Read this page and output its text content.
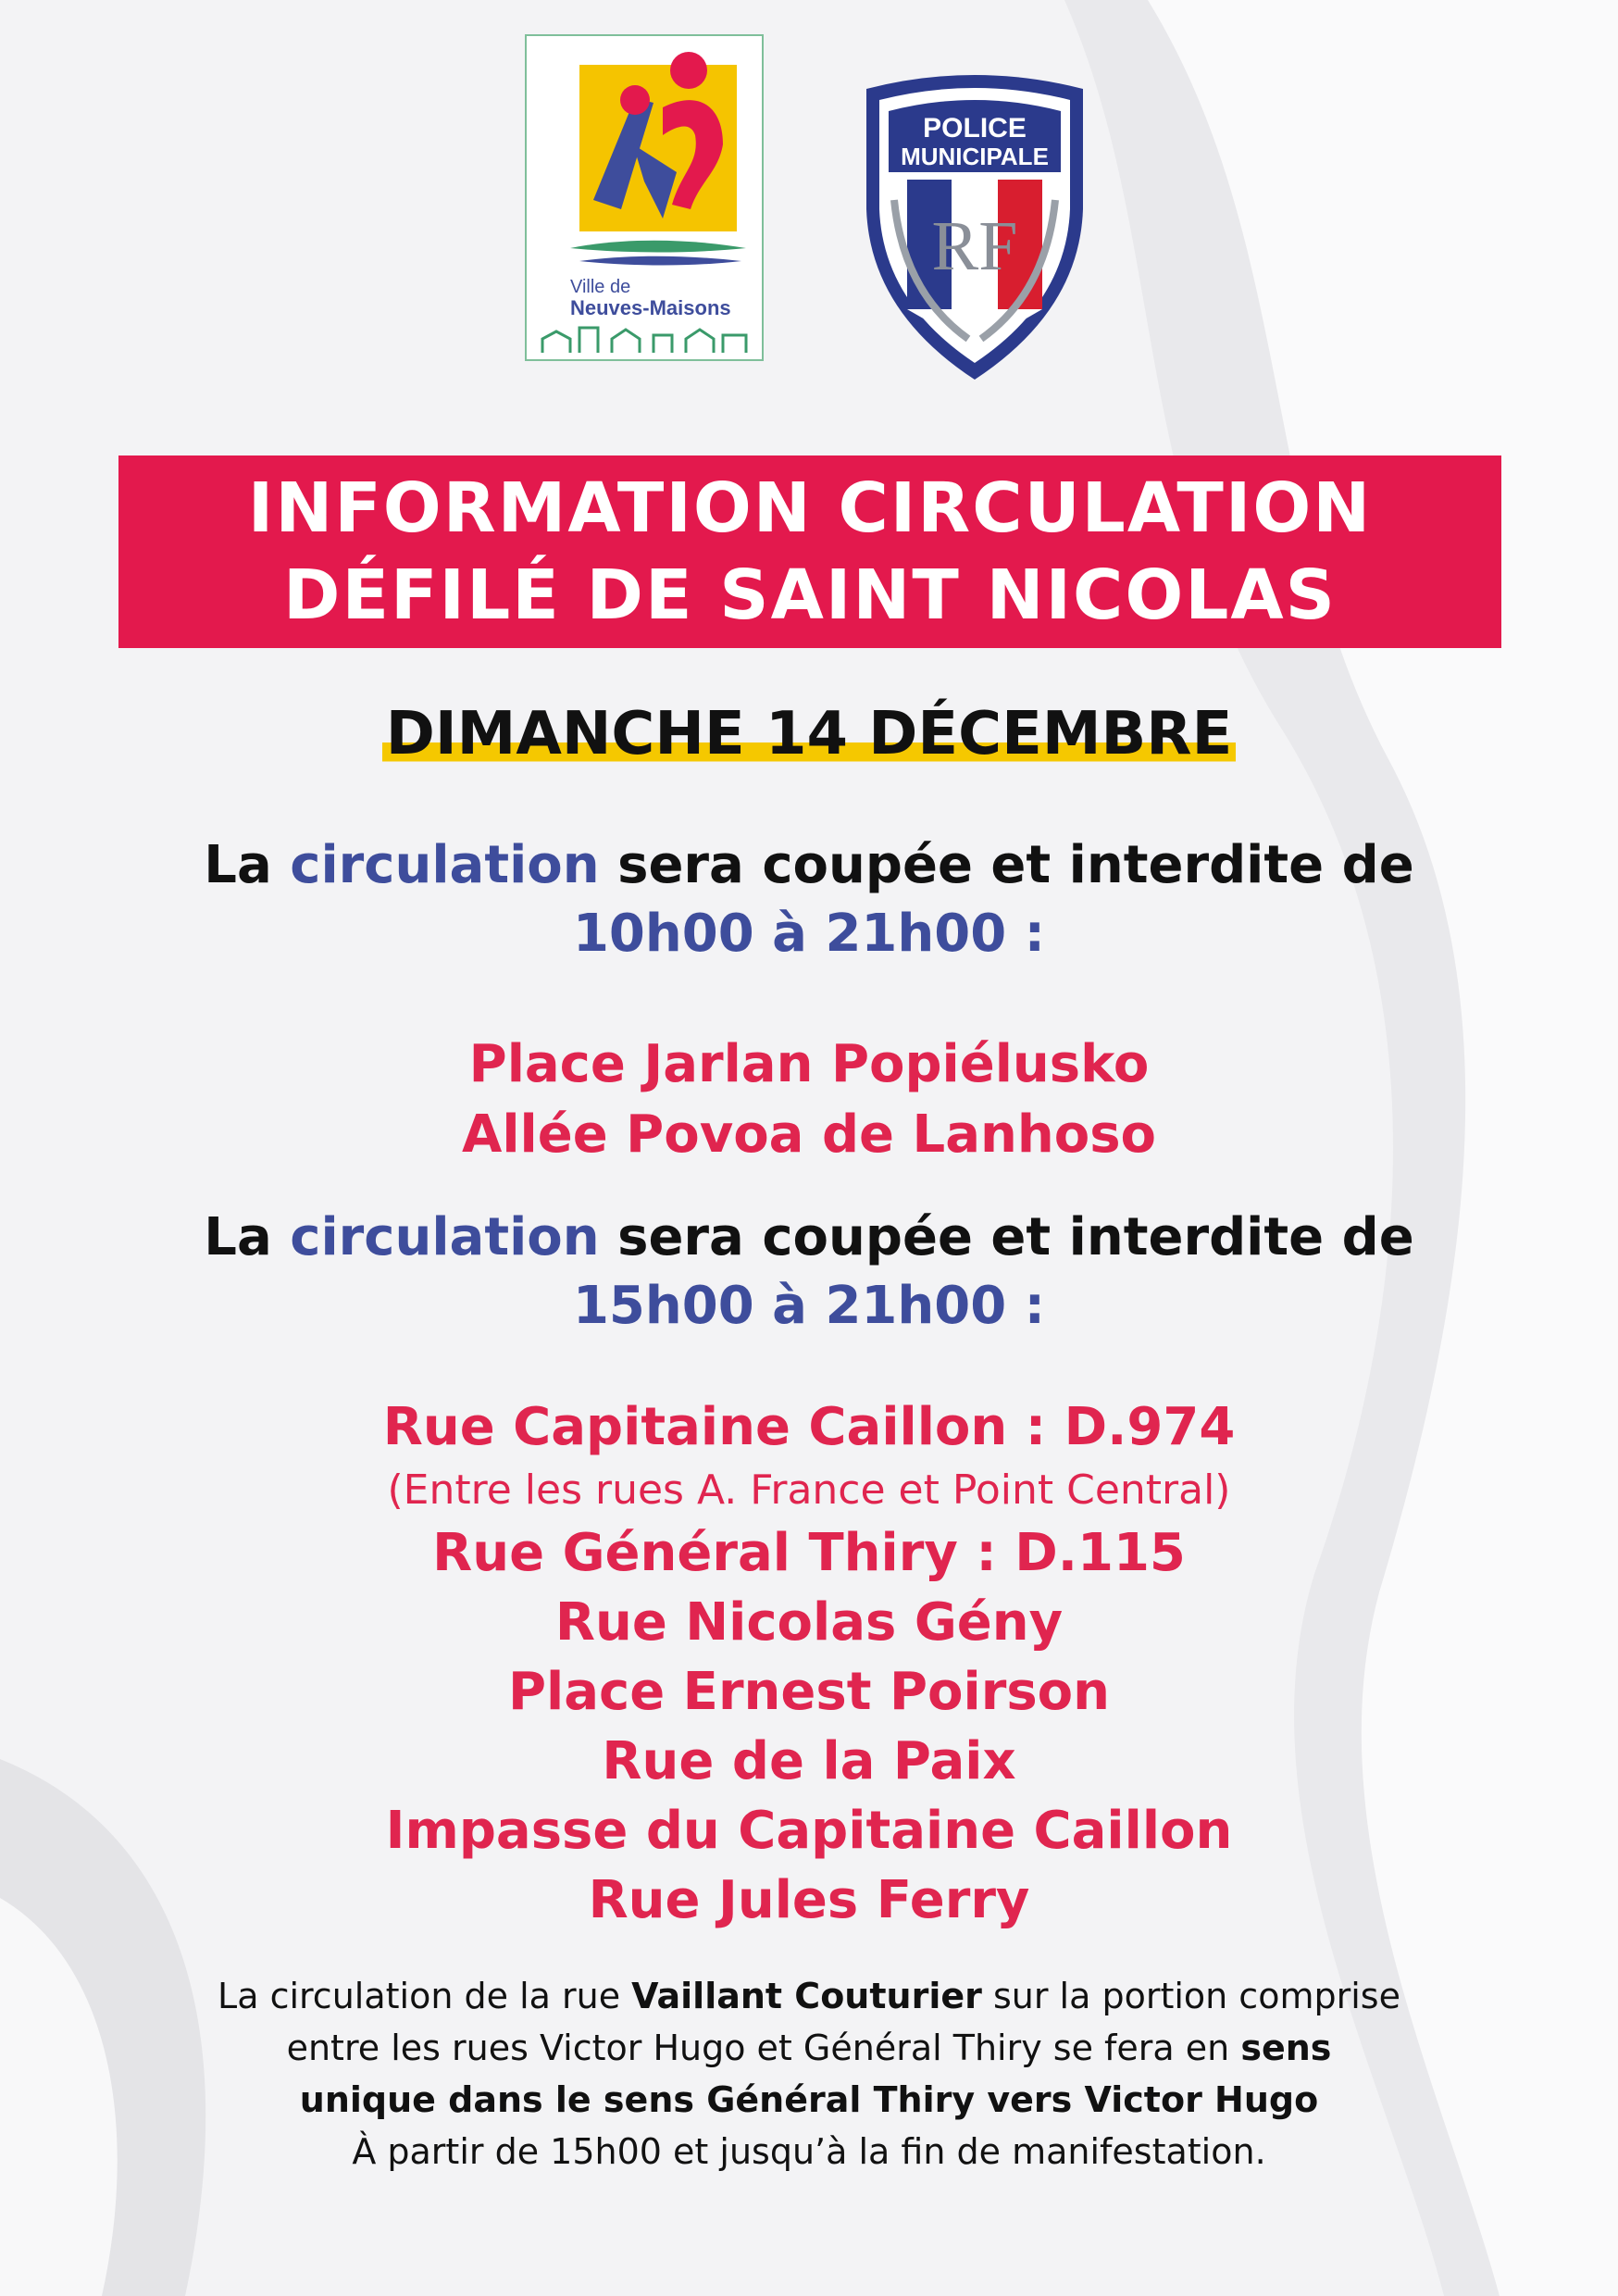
Ville de
Neuves-Maisons
POLICE
MUNICIPALE
RF
INFORMATION CIRCULATION
DÉFILÉ DE SAINT NICOLAS
DIMANCHE 14 DÉCEMBRE
La circulation sera coupée et interdite de
10h00 à 21h00 :
Place Jarlan Popiélusko
Allée Povoa de Lanhoso
La circulation sera coupée et interdite de
15h00 à 21h00 :
Rue Capitaine Caillon : D.974
(Entre les rues A. France et Point Central)
Rue Général Thiry : D.115
Rue Nicolas Gény
Place Ernest Poirson
Rue de la Paix
Impasse du Capitaine Caillon
Rue Jules Ferry
La circulation de la rue Vaillant Couturier sur la portion comprise
entre les rues Victor Hugo et Général Thiry se fera en sens
unique dans le sens Général Thiry vers Victor Hugo
À partir de 15h00 et jusqu’à la fin de manifestation.
